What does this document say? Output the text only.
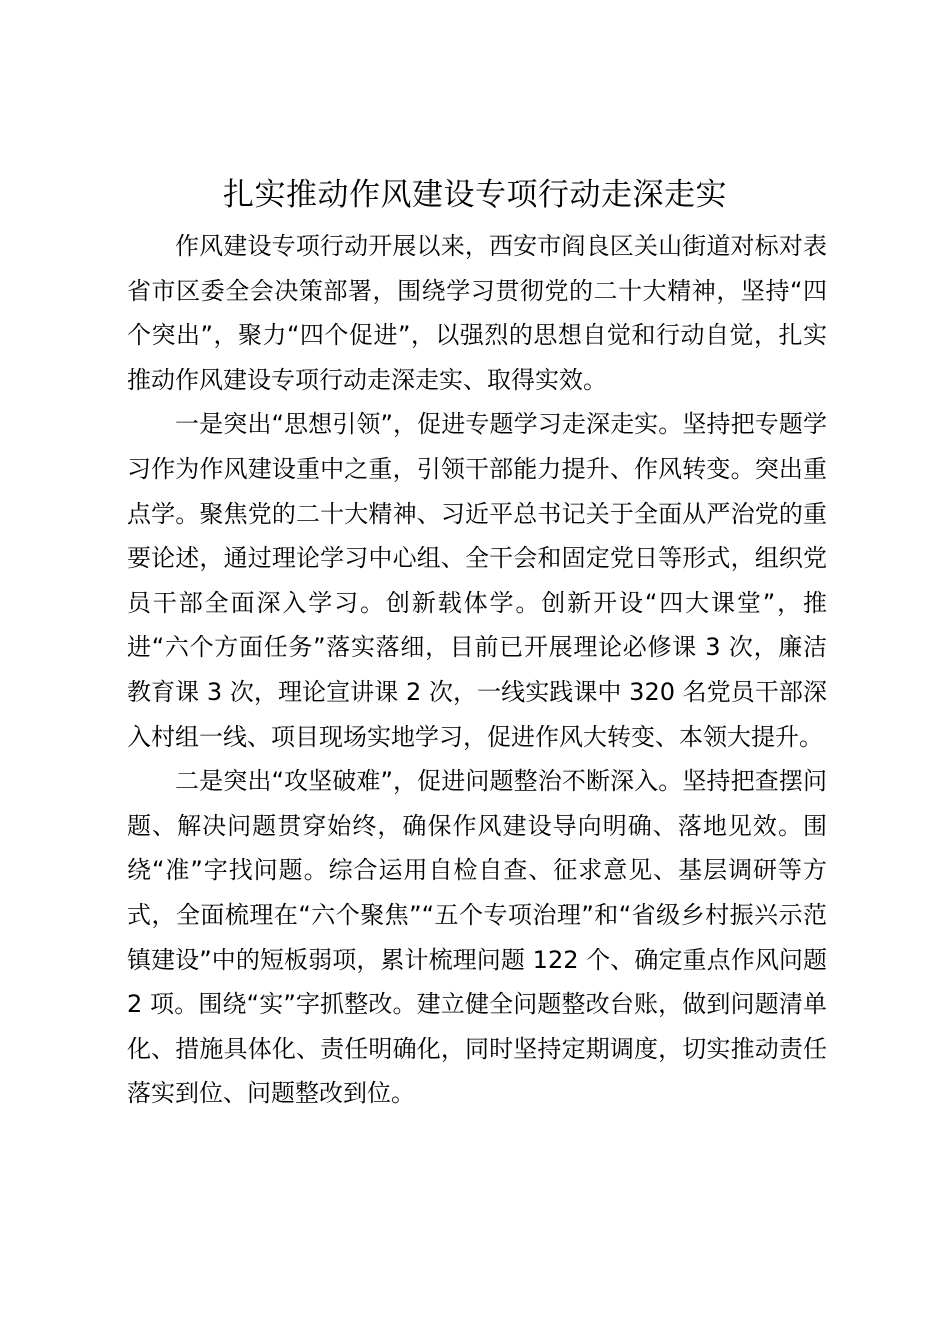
扎实推动作风建设专项行动走深走实

作风建设专项行动开展以来，西安市阎良区关山街道对标对表省市区委全会决策部署，围绕学习贯彻党的二十大精神，坚持“四个突出”，聚力“四个促进”，以强烈的思想自觉和行动自觉，扎实推动作风建设专项行动走深走实、取得实效。

一是突出“思想引领”，促进专题学习走深走实。坚持把专题学习作为作风建设重中之重，引领干部能力提升、作风转变。突出重点学。聚焦党的二十大精神、习近平总书记关于全面从严治党的重要论述，通过理论学习中心组、全干会和固定党日等形式，组织党员干部全面深入学习。创新载体学。创新开设“四大课堂”，推进“六个方面任务”落实落细，目前已开展理论必修课 3 次，廉洁教育课 3 次，理论宣讲课 2 次，一线实践课中 320 名党员干部深入村组一线、项目现场实地学习，促进作风大转变、本领大提升。

二是突出“攻坚破难”，促进问题整治不断深入。坚持把查摆问题、解决问题贯穿始终，确保作风建设导向明确、落地见效。围绕“准”字找问题。综合运用自检自查、征求意见、基层调研等方式，全面梳理在“六个聚焦”“五个专项治理”和“省级乡村振兴示范镇建设”中的短板弱项，累计梳理问题 122 个、确定重点作风问题 2 项。围绕“实”字抓整改。建立健全问题整改台账，做到问题清单化、措施具体化、责任明确化，同时坚持定期调度，切实推动责任落实到位、问题整改到位。
